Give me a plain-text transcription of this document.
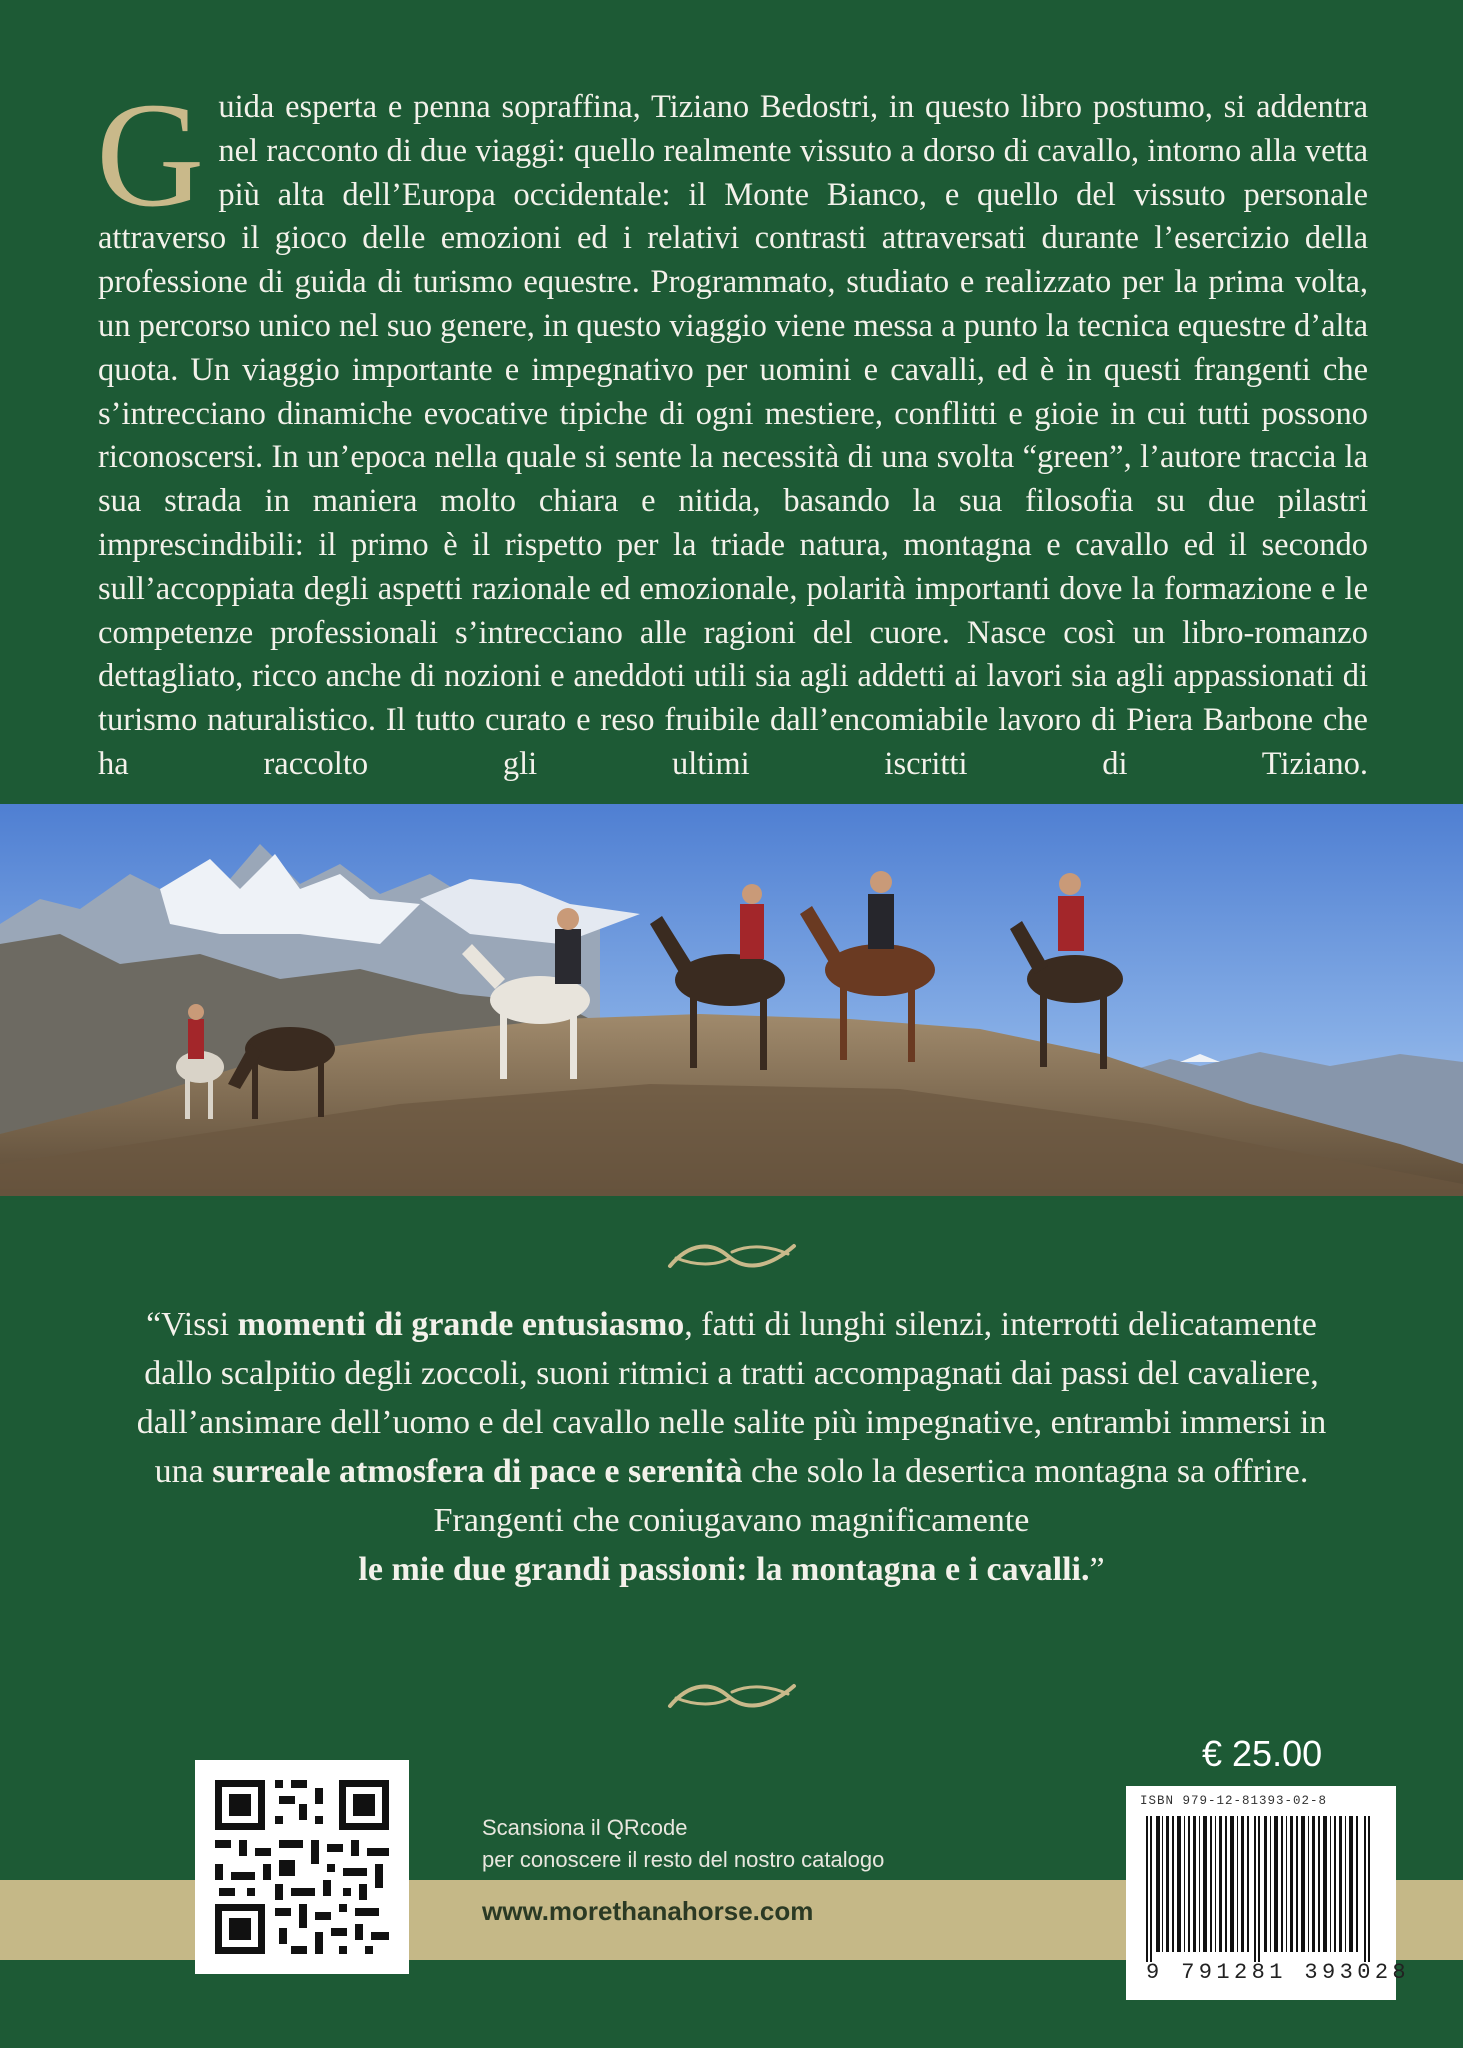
Guida esperta e penna sopraffina, Tiziano Bedostri, in questo libro postumo, si addentra nel racconto di due viaggi: quello realmente vissuto a dorso di cavallo, intorno alla vetta più alta dell’Europa occidentale: il Monte Bianco, e quello del vissuto personale attraverso il gioco delle emozioni ed i relativi contrasti attraversati durante l’esercizio della professione di guida di turismo equestre. Programmato, studiato e realizzato per la prima volta, un percorso unico nel suo genere, in questo viaggio viene messa a punto la tecnica equestre d’alta quota. Un viaggio importante e impegnativo per uomini e cavalli, ed è in questi frangenti che s’intrecciano dinamiche evocative tipiche di ogni mestiere, conflitti e gioie in cui tutti possono riconoscersi. In un’epoca nella quale si sente la necessità di una svolta “green”, l’autore traccia la sua strada in maniera molto chiara e nitida, basando la sua filosofia su due pilastri imprescindibili: il primo è il rispetto per la triade natura, montagna e cavallo ed il secondo sull’accoppiata degli aspetti razionale ed emozionale, polarità importanti dove la formazione e le competenze professionali s’intrecciano alle ragioni del cuore. Nasce così un libro-romanzo dettagliato, ricco anche di nozioni e aneddoti utili sia agli addetti ai lavori sia agli appassionati di turismo naturalistico. Il tutto curato e reso fruibile dall’encomiabile lavoro di Piera Barbone che ha raccolto gli ultimi iscritti di Tiziano.
“Vissi momenti di grande entusiasmo, fatti di lunghi silenzi, interrotti delicatamente dallo scalpitio degli zoccoli, suoni ritmici a tratti accompagnati dai passi del cavaliere, dall’ansimare dell’uomo e del cavallo nelle salite più impegnative, entrambi immersi in una surreale atmosfera di pace e serenità che solo la desertica montagna sa offrire.
Frangenti che coniugavano magnificamente
le mie due grandi passioni: la montagna e i cavalli.”
€ 25.00
Scansiona il QRcode
per conoscere il resto del nostro catalogo
www.morethanahorse.com
ISBN 979-12-81393-02-8
9 791281 393028
